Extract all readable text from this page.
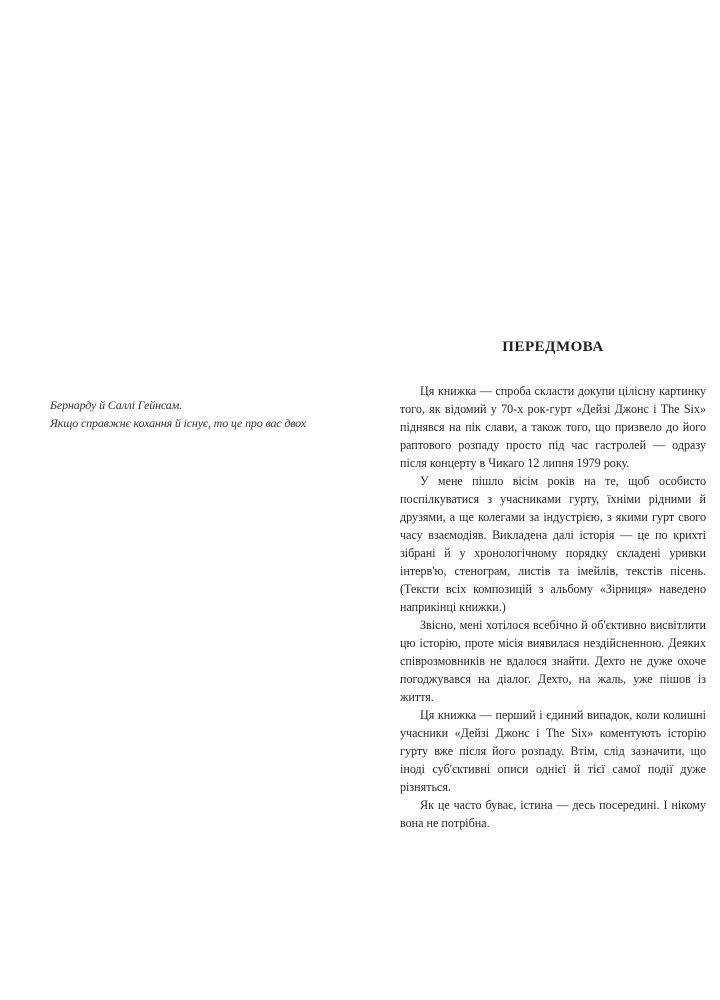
Бернарду й Саллі Гейнсам.

Якщо справжнє кохання й існує, то це про вас двох

ПЕРЕДМОВА

Ця книжка — спроба скласти докупи цілісну картинку того, як відомий у 70-х рок-гурт «Дейзі Джонс і The Six» піднявся на пік слави, а також того, що призвело до його раптового розпаду просто під час гастролей — одразу після концерту в Чикаго 12 липня 1979 року.

У мене пішло вісім років на те, щоб особисто поспілкуватися з учасниками гурту, їхніми рідними й друзями, а ще колегами за індустрією, з якими гурт свого часу взаємодіяв. Викладена далі історія — це по крихті зібрані й у хронологічному порядку складені уривки інтерв'ю, стенограм, листів та імейлів, текстів пісень. (Тексти всіх композицій з альбому «Зірниця» наведено наприкінці книжки.)

Звісно, мені хотілося всебічно й об'єктивно висвітлити цю історію, проте місія виявилася нездійсненною. Деяких співрозмовників не вдалося знайти. Дехто не дуже охоче погоджувався на діалог. Дехто, на жаль, уже пішов із життя.

Ця книжка — перший і єдиний випадок, коли колишні учасники «Дейзі Джонс і The Six» коментують історію гурту вже після його розпаду. Втім, слід зазначити, що іноді суб'єктивні описи однієї й тієї самої події дуже різняться.

Як це часто буває, істина — десь посередині. І нікому вона не потрібна.
